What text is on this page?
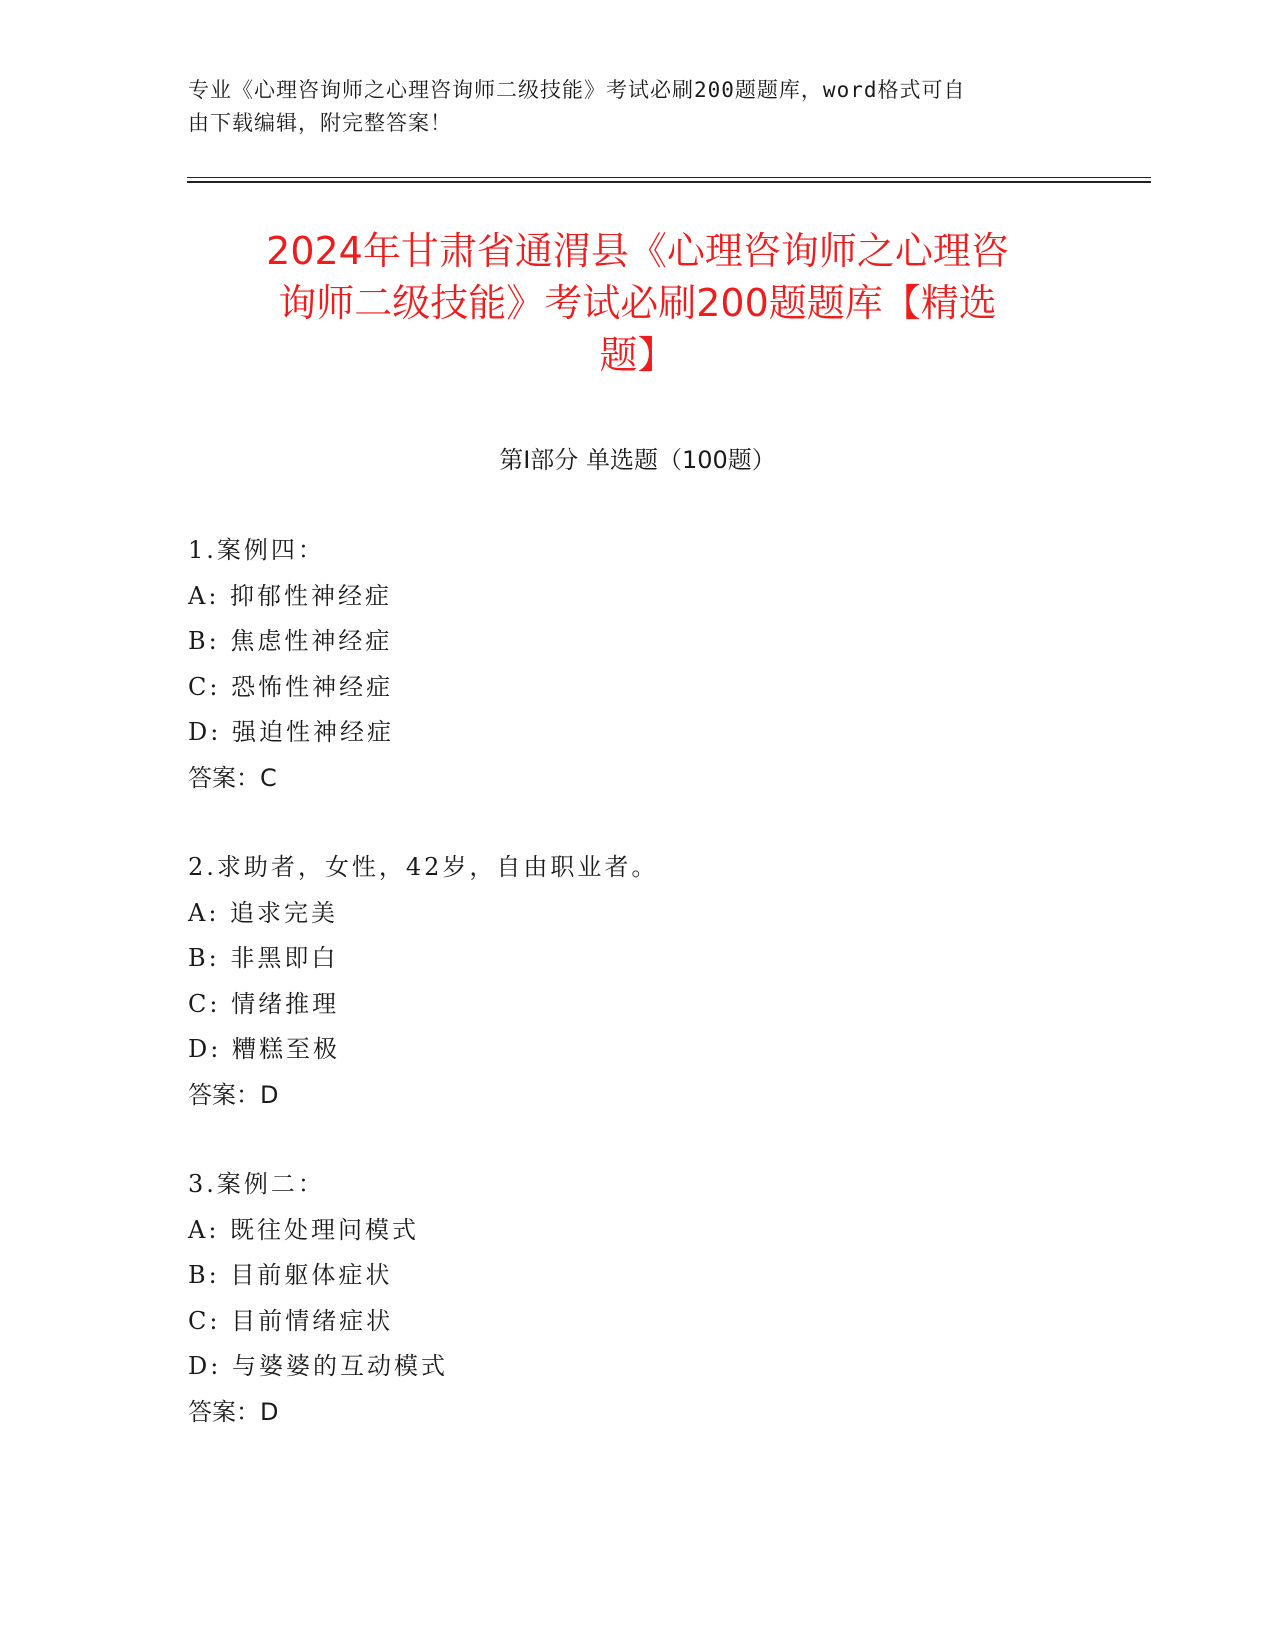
专业《心理咨询师之心理咨询师二级技能》考试必刷200题题库，word格式可自
由下载编辑，附完整答案！
2024年甘肃省通渭县《心理咨询师之心理咨
询师二级技能》考试必刷200题题库【精选
题】
第Ⅰ部分 单选题（100题）
1.案例四：
A: 抑郁性神经症
B: 焦虑性神经症
C: 恐怖性神经症
D: 强迫性神经症
答案：C
2.求助者，女性，42岁，自由职业者。
A: 追求完美
B: 非黑即白
C: 情绪推理
D: 糟糕至极
答案：D
3.案例二：
A: 既往处理问模式
B: 目前躯体症状
C: 目前情绪症状
D: 与婆婆的互动模式
答案：D
